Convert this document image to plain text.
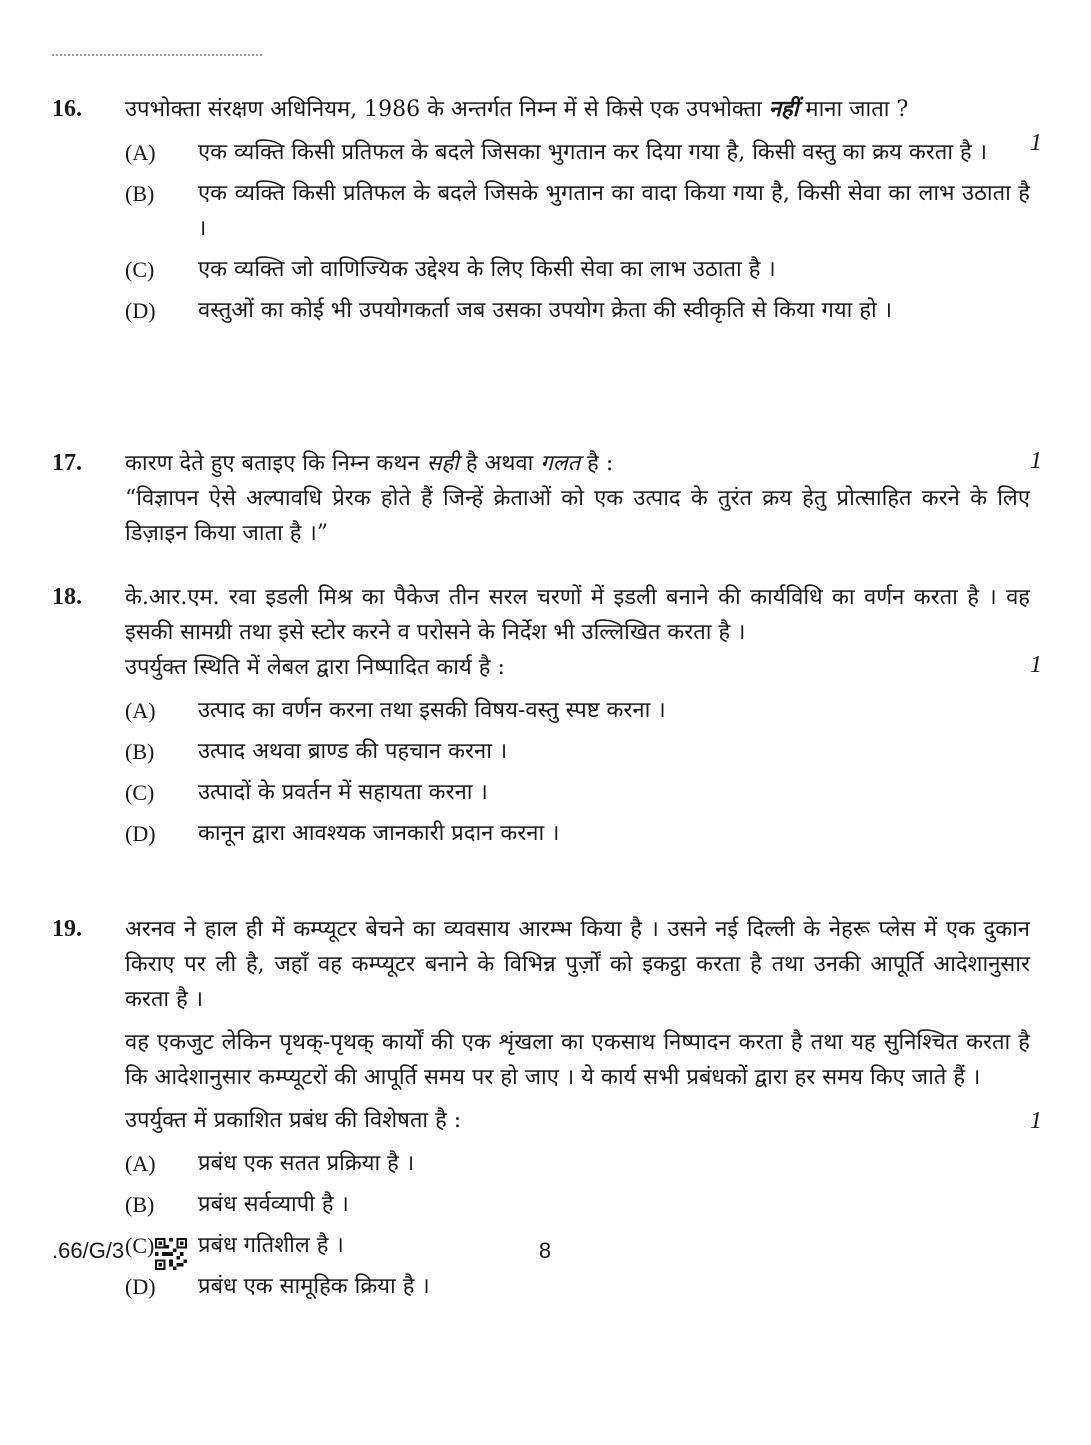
16.
1

उपभोक्ता संरक्षण अधिनियम, 1986 के अन्तर्गत निम्न में से किसे एक उपभोक्ता नहीं माना जाता ?

(A) एक व्यक्ति किसी प्रतिफल के बदले जिसका भुगतान कर दिया गया है, किसी वस्तु का क्रय करता है ।
(B) एक व्यक्ति किसी प्रतिफल के बदले जिसके भुगतान का वादा किया गया है, किसी सेवा का लाभ उठाता है ।
(C) एक व्यक्ति जो वाणिज्यिक उद्देश्य के लिए किसी सेवा का लाभ उठाता है ।
(D) वस्तुओं का कोई भी उपयोगकर्ता जब उसका उपयोग क्रेता की स्वीकृति से किया गया हो ।
17.	1

कारण देते हुए बताइए कि निम्न कथन सही है अथवा गलत है :

“विज्ञापन ऐसे अल्पावधि प्रेरक होते हैं जिन्हें क्रेताओं को एक उत्पाद के तुरंत क्रय हेतु प्रोत्साहित करने के लिए डिज़ाइन किया जाता है ।”

18.
1

के.आर.एम. रवा इडली मिश्र का पैकेज तीन सरल चरणों में इडली बनाने की कार्यविधि का वर्णन करता है । वह इसकी सामग्री तथा इसे स्टोर करने व परोसने के निर्देश भी उल्लिखित करता है ।

उपर्युक्त स्थिति में लेबल द्वारा निष्पादित कार्य है :

(A) उत्पाद का वर्णन करना तथा इसकी विषय-वस्तु स्पष्ट करना ।
(B) उत्पाद अथवा ब्राण्ड की पहचान करना ।
(C) उत्पादों के प्रवर्तन में सहायता करना ।
(D) कानून द्वारा आवश्यक जानकारी प्रदान करना ।
19.
1

अरनव ने हाल ही में कम्प्यूटर बेचने का व्यवसाय आरम्भ किया है । उसने नई दिल्ली के नेहरू प्लेस में एक दुकान किराए पर ली है, जहाँ वह कम्प्यूटर बनाने के विभिन्न पुर्ज़ों को इकट्ठा करता है तथा उनकी आपूर्ति आदेशानुसार करता है ।

वह एकजुट लेकिन पृथक्-पृथक् कार्यों की एक शृंखला का एकसाथ निष्पादन करता है तथा यह सुनिश्चित करता है कि आदेशानुसार कम्प्यूटरों की आपूर्ति समय पर हो जाए । ये कार्य सभी प्रबंधकों द्वारा हर समय किए जाते हैं ।

उपर्युक्त में प्रकाशित प्रबंध की विशेषता है :

(A) प्रबंध एक सतत प्रक्रिया है ।
(B) प्रबंध सर्वव्यापी है ।
(C) प्रबंध गतिशील है ।
(D) प्रबंध एक सामूहिक क्रिया है ।
.66/G/3	8
